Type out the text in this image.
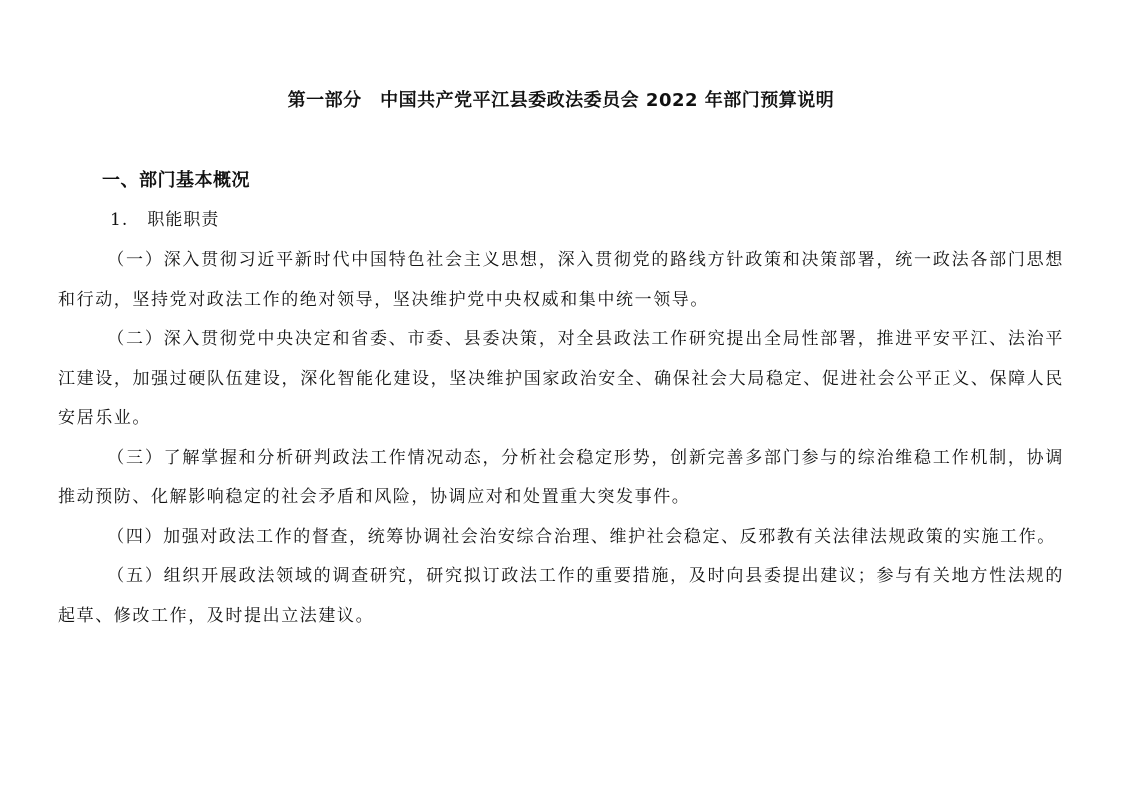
第一部分　中国共产党平江县委政法委员会 2022 年部门预算说明
一、部门基本概况
1.   职能职责

（一）深入贯彻习近平新时代中国特色社会主义思想，深入贯彻党的路线方针政策和决策部署，统一政法各部门思想和行动，坚持党对政法工作的绝对领导，坚决维护党中央权威和集中统一领导。

（二）深入贯彻党中央决定和省委、市委、县委决策，对全县政法工作研究提出全局性部署，推进平安平江、法治平江建设，加强过硬队伍建设，深化智能化建设，坚决维护国家政治安全、确保社会大局稳定、促进社会公平正义、保障人民安居乐业。

（三）了解掌握和分析研判政法工作情况动态，分析社会稳定形势，创新完善多部门参与的综治维稳工作机制，协调推动预防、化解影响稳定的社会矛盾和风险，协调应对和处置重大突发事件。

（四）加强对政法工作的督查，统筹协调社会治安综合治理、维护社会稳定、反邪教有关法律法规政策的实施工作。

（五）组织开展政法领域的调查研究，研究拟订政法工作的重要措施，及时向县委提出建议；参与有关地方性法规的起草、修改工作，及时提出立法建议。
